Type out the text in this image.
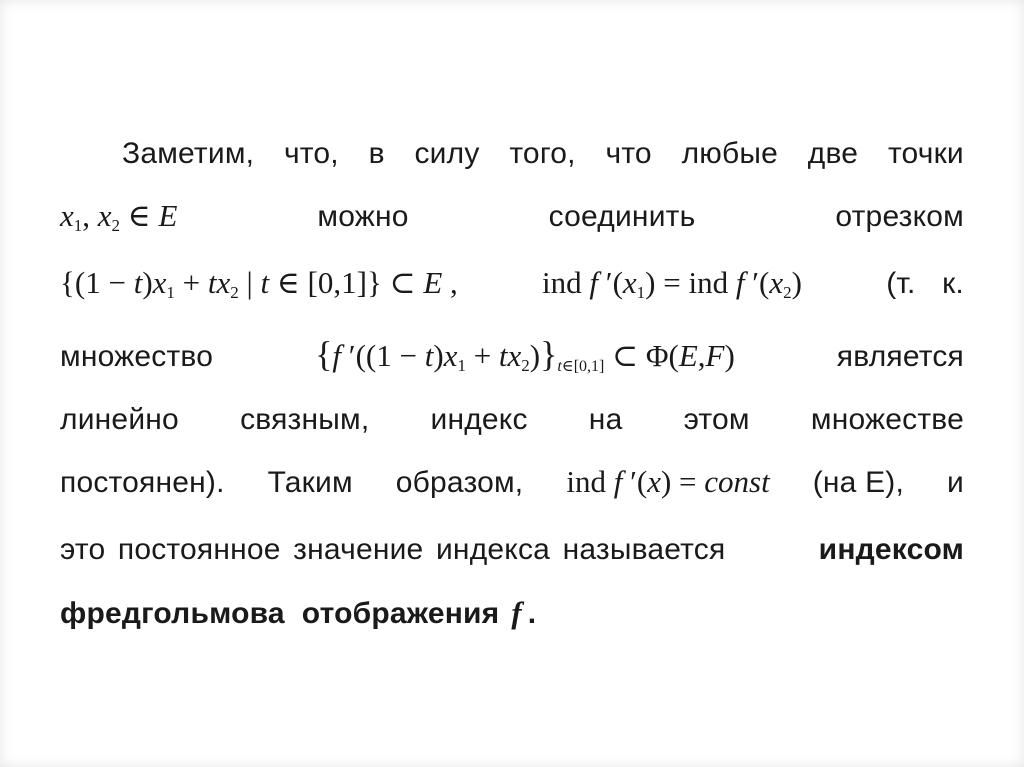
Заметим, что, в силу того, что любые две точки
$x_1$, $x_2$ ∈ E	можно	соединить	отрезком
{$(1 - t)x_1 + tx_2$ | t ∈ [0,1]} ⊂ E ,	ind f $'(x_1)$ = ind f $'(x_2)$	(т. к.
множество	{f $'((1 - t)x_1 + tx_2)\}_{t\in[0,1]}$ ⊂ Φ(E,F)	является
линейно связным, индекс на этом множестве
постоянен). Таким образом, ind f ′(x) = const (на E), и
это постоянное значение индекса называется	индексом
фредгольмова  отображения f .
